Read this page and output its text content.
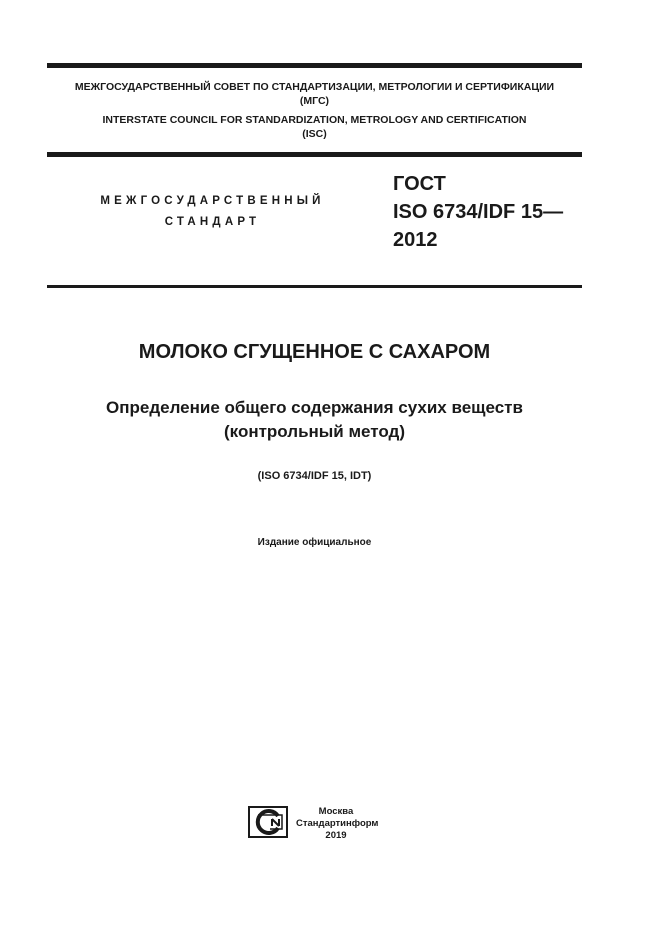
МЕЖГОСУДАРСТВЕННЫЙ СОВЕТ ПО СТАНДАРТИЗАЦИИ, МЕТРОЛОГИИ И СЕРТИФИКАЦИИ
(МГС)
INTERSTATE COUNCIL FOR STANDARDIZATION, METROLOGY AND CERTIFICATION
(ISC)
МЕЖГОСУДАРСТВЕННЫЙ
СТАНДАРТ
ГОСТ
ISO 6734/IDF 15—
2012
МОЛОКО СГУЩЕННОЕ С САХАРОМ
Определение общего содержания сухих веществ
(контрольный метод)
(ISO 6734/IDF 15, IDT)
Издание официальное
Москва
Стандартинформ
2019
